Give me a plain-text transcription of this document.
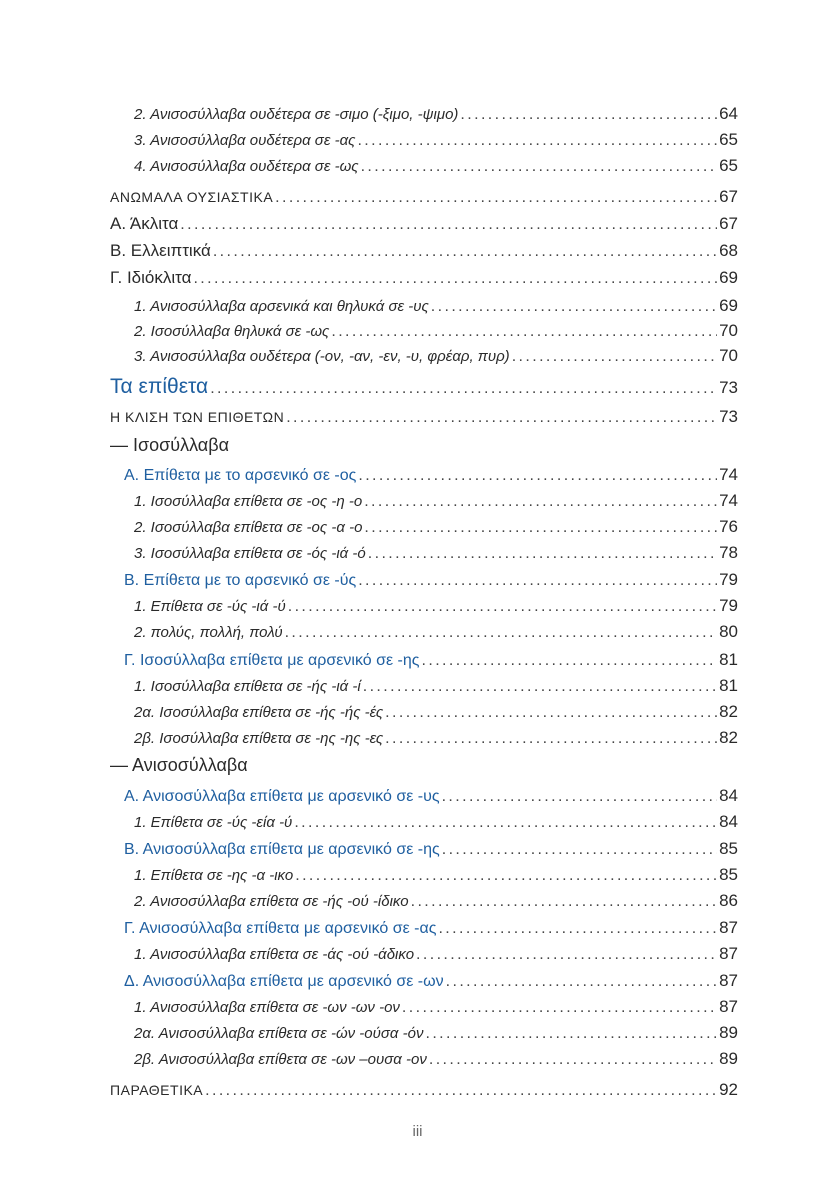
2. Ανισοσύλλαβα ουδέτερα σε -σιμο (-ξιμο, -ψιμο) .....	64
3. Ανισοσύλλαβα ουδέτερα σε -ας .....	65
4. Ανισοσύλλαβα ουδέτερα σε -ως .....	65
ΑΝΩΜΑΛΑ ΟΥΣΙΑΣΤΙΚΑ .....	67
Α. Άκλιτα .....	67
Β. Ελλειπτικά .....	68
Γ. Ιδιόκλιτα .....	69
1. Ανισοσύλλαβα αρσενικά και θηλυκά σε -υς .....	69
2. Ισοσύλλαβα θηλυκά σε -ως .....	70
3. Ανισοσύλλαβα ουδέτερα (-ον, -αν, -εν, -υ, φρέαρ, πυρ) .....	70
Τα επίθετα .....	73
Η ΚΛΙΣΗ ΤΩΝ ΕΠΙΘΕΤΩΝ .....	73
— Ισοσύλλαβα
Α. Επίθετα με το αρσενικό σε -ος .....	74
1. Ισοσύλλαβα επίθετα σε -ος -η -ο .....	74
2. Ισοσύλλαβα επίθετα σε -ος -α -ο .....	76
3. Ισοσύλλαβα επίθετα σε -ός -ιά -ό .....	78
Β. Επίθετα με το αρσενικό σε -ύς .....	79
1. Επίθετα σε -ύς -ιά -ύ .....	79
2. πολύς, πολλή, πολύ .....	80
Γ. Ισοσύλλαβα επίθετα με αρσενικό σε -ης .....	81
1. Ισοσύλλαβα επίθετα σε -ής -ιά -ί .....	81
2α. Ισοσύλλαβα επίθετα σε -ής -ής -ές .....	82
2β. Ισοσύλλαβα επίθετα σε -ης -ης -ες .....	82
— Ανισοσύλλαβα
Α. Ανισοσύλλαβα επίθετα με αρσενικό σε -υς .....	84
1. Επίθετα σε -ύς -εία -ύ .....	84
Β. Ανισοσύλλαβα επίθετα με αρσενικό σε -ης .....	85
1. Επίθετα σε -ης -α -ικο .....	85
2. Ανισοσύλλαβα επίθετα σε -ής -ού -ίδικο .....	86
Γ. Ανισοσύλλαβα επίθετα με αρσενικό σε -ας .....	87
1. Ανισοσύλλαβα επίθετα σε -άς -ού -άδικο .....	87
Δ. Ανισοσύλλαβα επίθετα με αρσενικό σε -ων .....	87
1. Ανισοσύλλαβα επίθετα σε -ων -ων -ον .....	87
2α. Ανισοσύλλαβα επίθετα σε -ών -ούσα -όν .....	89
2β. Ανισοσύλλαβα επίθετα σε -ων –ουσα -ον .....	89
ΠΑΡΑΘΕΤΙΚΑ .....	92
iii
